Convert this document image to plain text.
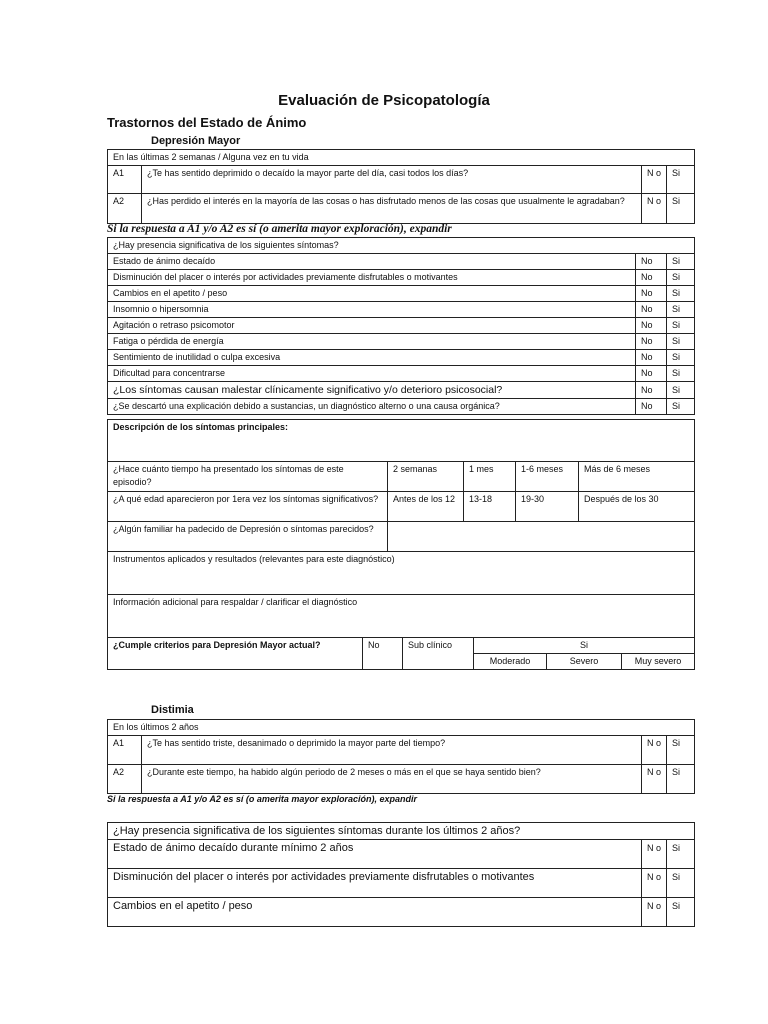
Evaluación de Psicopatología
Trastornos del Estado de Ánimo
Depresión Mayor
En las últimas 2 semanas / Alguna vez en tu vida			
A1	¿Te has sentido deprimido o decaído la mayor parte del día, casi todos los días?	N o	Si
A2	¿Has perdido el interés en la mayoría de las cosas o has disfrutado menos de las cosas que usualmente le agradaban?	N o	Si
Si la respuesta a A1 y/o A2 es sí (o amerita mayor exploración), expandir
¿Hay presencia significativa de los siguientes síntomas?		
Estado de ánimo decaído	No	Si
Disminución del placer o interés por actividades previamente disfrutables o motivantes	No	Si
Cambios en el apetito / peso	No	Si
Insomnio o hipersomnia	No	Si
Agitación o retraso psicomotor	No	Si
Fatiga o pérdida de energía	No	Si
Sentimiento de inutilidad o culpa excesiva	No	Si
Dificultad para concentrarse	No	Si
¿Los síntomas causan malestar clínicamente significativo y/o deterioro psicosocial?	No	Si
¿Se descartó una explicación debido a sustancias, un diagnóstico alterno o una causa orgánica?	No	Si
Descripción de los síntomas principales:				
¿Hace cuánto tiempo ha presentado los síntomas de este episodio?	2 semanas	1 mes	1-6 meses	Más de 6 meses
¿A qué edad aparecieron por 1era vez los síntomas significativos?	Antes de los 12	13-18	19-30	Después de los 30
¿Algún familiar ha padecido de Depresión o síntomas parecidos?				
Instrumentos aplicados y resultados (relevantes para este diagnóstico)				
Información adicional para respaldar / clarificar el diagnóstico				
¿Cumple criterios para Depresión Mayor actual?	No	Sub clínico	Si		
			Moderado	Severo	Muy severo
Distimia
En los últimos 2 años			
A1	¿Te has sentido triste, desanimado o deprimido la mayor parte del tiempo?	N o	Si
A2	¿Durante este tiempo, ha habido algún periodo de 2 meses o más en el que se haya sentido bien?	N o	Si
Si la respuesta a A1 y/o A2 es sí (o amerita mayor exploración), expandir
¿Hay presencia significativa de los siguientes síntomas durante los últimos 2 años?		
Estado de ánimo decaído durante mínimo 2 años	N o	Si
Disminución del placer o interés por actividades previamente disfrutables o motivantes	N o	Si
Cambios en el apetito / peso	N o	Si
